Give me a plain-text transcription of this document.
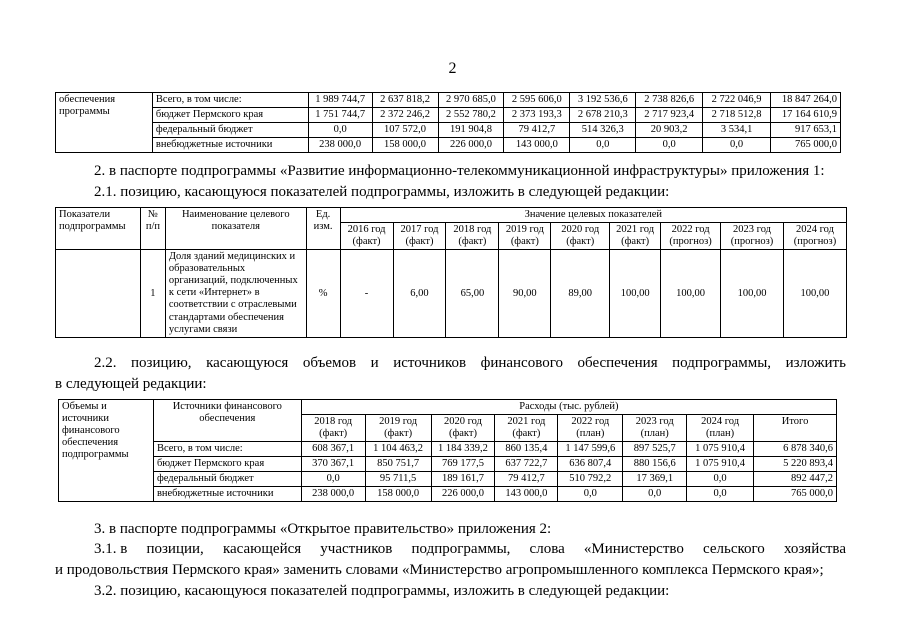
2
обеспечения
программы	Всего, в том числе:	1 989 744,7	2 637 818,2	2 970 685,0	2 595 606,0	3 192 536,6	2 738 826,6	2 722 046,9	18 847 264,0
	бюджет Пермского края	1 751 744,7	2 372 246,2	2 552 780,2	2 373 193,3	2 678 210,3	2 717 923,4	2 718 512,8	17 164 610,9
	федеральный бюджет	0,0	107 572,0	191 904,8	79 412,7	514 326,3	20 903,2	3 534,1	917 653,1
	внебюджетные источники	238 000,0	158 000,0	226 000,0	143 000,0	0,0	0,0	0,0	765 000,0
2. в паспорте подпрограммы «Развитие информационно-телекоммуникационной инфраструктуры» приложения 1:
2.1. позицию, касающуюся показателей подпрограммы, изложить в следующей редакции:
Показатели подпрограммы	№ п/п	Наименование целевого показателя	Ед. изм.	Значение целевых показателей								
				2016 год (факт)	2017 год (факт)	2018 год (факт)	2019 год (факт)	2020 год (факт)	2021 год (факт)	2022 год (прогноз)	2023 год (прогноз)	2024 год (прогноз)
	1	Доля зданий медицинских и образовательных организаций, подключенных к сети «Интернет» в соответствии с отраслевыми стандартами обеспечения услугами связи	%	-	6,00	65,00	90,00	89,00	100,00	100,00	100,00	100,00
2.2. позицию, касающуюся объемов и источников финансового обеспечения подпрограммы, изложить
в следующей редакции:
Объемы и источники финансового обеспечения подпрограммы	Источники финансового обеспечения	Расходы (тыс. рублей)							
		2018 год (факт)	2019 год (факт)	2020 год (факт)	2021 год (факт)	2022 год (план)	2023 год (план)	2024 год (план)	Итого
	Всего, в том числе:	608 367,1	1 104 463,2	1 184 339,2	860 135,4	1 147 599,6	897 525,7	1 075 910,4	6 878 340,6
	бюджет Пермского края	370 367,1	850 751,7	769 177,5	637 722,7	636 807,4	880 156,6	1 075 910,4	5 220 893,4
	федеральный бюджет	0,0	95 711,5	189 161,7	79 412,7	510 792,2	17 369,1	0,0	892 447,2
	внебюджетные источники	238 000,0	158 000,0	226 000,0	143 000,0	0,0	0,0	0,0	765 000,0
3. в паспорте подпрограммы «Открытое правительство» приложения 2:
3.1. в позиции, касающейся участников подпрограммы, слова «Министерство сельского хозяйства
и продовольствия Пермского края» заменить словами «Министерство агропромышленного комплекса Пермского края»;
3.2. позицию, касающуюся показателей подпрограммы, изложить в следующей редакции:
